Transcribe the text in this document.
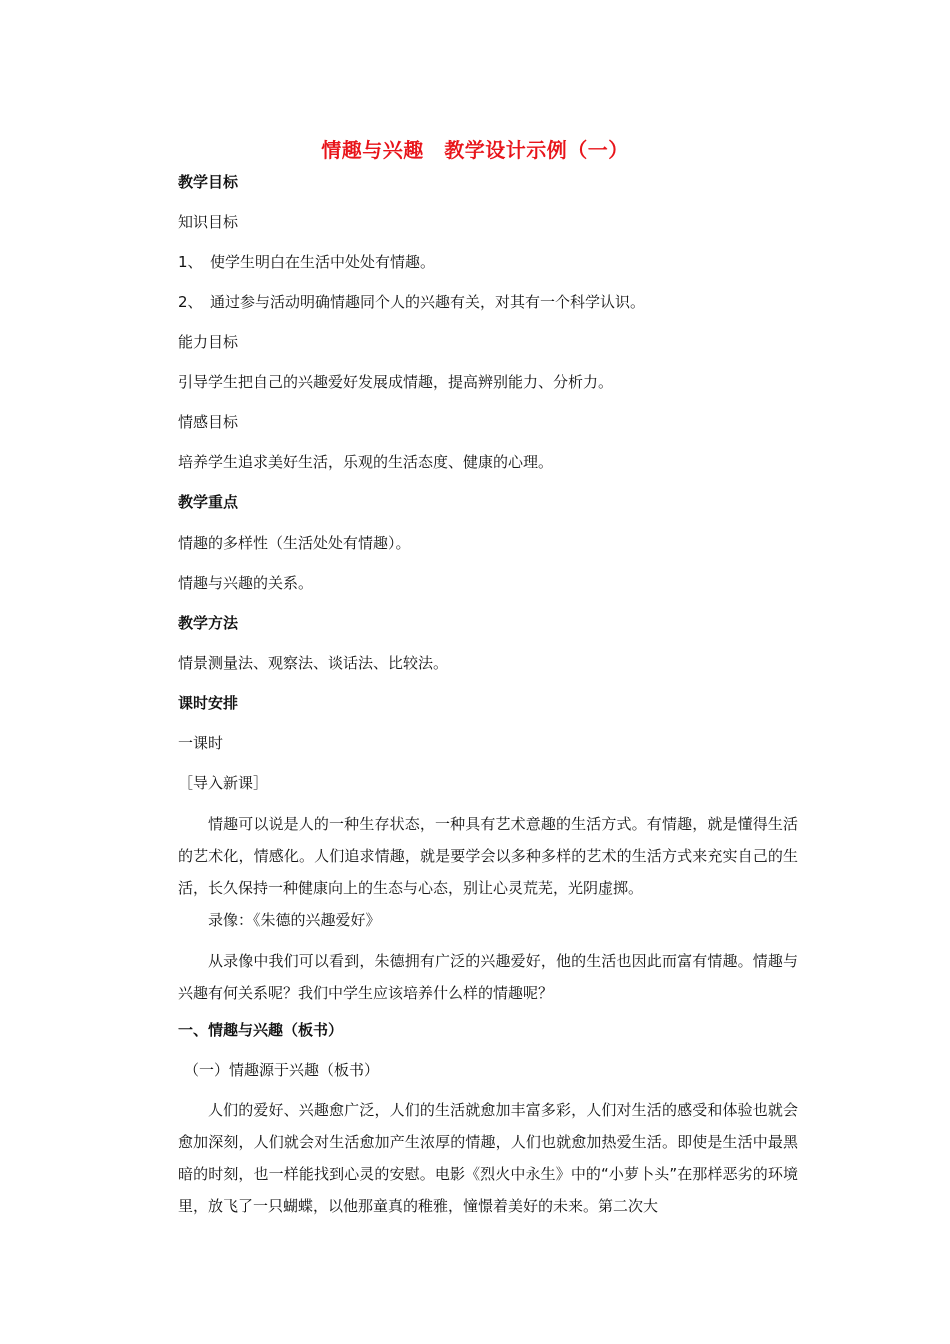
情趣与兴趣　教学设计示例（一）
教学目标
知识目标
1、　使学生明白在生活中处处有情趣。
2、　通过参与活动明确情趣同个人的兴趣有关，对其有一个科学认识。
能力目标
引导学生把自己的兴趣爱好发展成情趣，提高辨别能力、分析力。
情感目标
培养学生追求美好生活，乐观的生活态度、健康的心理。
教学重点
情趣的多样性（生活处处有情趣）。
情趣与兴趣的关系。
教学方法
情景测量法、观察法、谈话法、比较法。
课时安排
一课时
［导入新课］
情趣可以说是人的一种生存状态，一种具有艺术意趣的生活方式。有情趣，就是懂得生活的艺术化，情感化。人们追求情趣，就是要学会以多种多样的艺术的生活方式来充实自己的生活，长久保持一种健康向上的生态与心态，别让心灵荒芜，光阴虚掷。
录像：《朱德的兴趣爱好》
从录像中我们可以看到，朱德拥有广泛的兴趣爱好，他的生活也因此而富有情趣。情趣与兴趣有何关系呢？我们中学生应该培养什么样的情趣呢？
一、情趣与兴趣（板书）
（一）情趣源于兴趣（板书）
人们的爱好、兴趣愈广泛，人们的生活就愈加丰富多彩，人们对生活的感受和体验也就会愈加深刻，人们就会对生活愈加产生浓厚的情趣，人们也就愈加热爱生活。即使是生活中最黑暗的时刻，也一样能找到心灵的安慰。电影《烈火中永生》中的“小萝卜头”在那样恶劣的环境里，放飞了一只蝴蝶，以他那童真的稚雅，憧憬着美好的未来。第二次大
